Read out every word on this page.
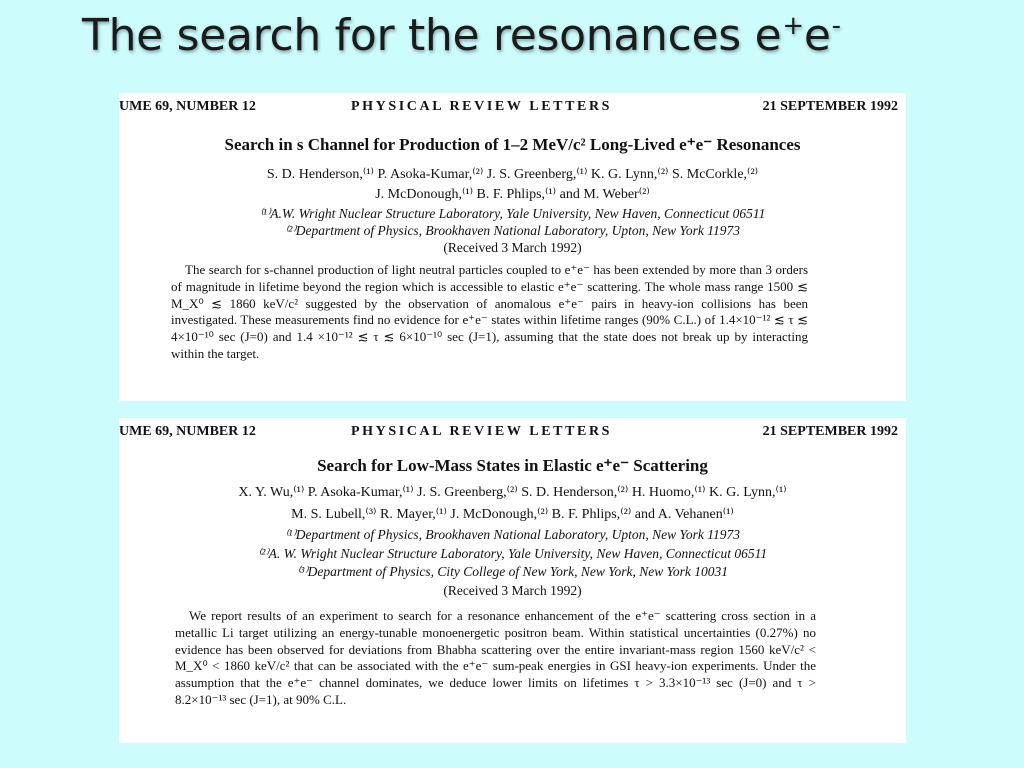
The search for the resonances e+e-
UME 69, NUMBER 12	PHYSICAL REVIEW LETTERS	21 SEPTEMBER 1992
Search in s Channel for Production of 1–2 MeV/c² Long-Lived e⁺e⁻ Resonances
S. D. Henderson,⁽¹⁾ P. Asoka-Kumar,⁽²⁾ J. S. Greenberg,⁽¹⁾ K. G. Lynn,⁽²⁾ S. McCorkle,⁽²⁾
J. McDonough,⁽¹⁾ B. F. Phlips,⁽¹⁾ and M. Weber⁽²⁾
⁽¹⁾A.W. Wright Nuclear Structure Laboratory, Yale University, New Haven, Connecticut 06511
⁽²⁾Department of Physics, Brookhaven National Laboratory, Upton, New York 11973
(Received 3 March 1992)
The search for s-channel production of light neutral particles coupled to e⁺e⁻ has been extended by more than 3 orders of magnitude in lifetime beyond the region which is accessible to elastic e⁺e⁻ scattering. The whole mass range 1500 ≲ M_X⁰ ≲ 1860 keV/c² suggested by the observation of anomalous e⁺e⁻ pairs in heavy-ion collisions has been investigated. These measurements find no evidence for e⁺e⁻ states within lifetime ranges (90% C.L.) of 1.4×10⁻¹² ≲ τ ≲ 4×10⁻¹⁰ sec (J=0) and 1.4 ×10⁻¹² ≲ τ ≲ 6×10⁻¹⁰ sec (J=1), assuming that the state does not break up by interacting within the target.
UME 69, NUMBER 12	PHYSICAL REVIEW LETTERS	21 SEPTEMBER 1992
Search for Low-Mass States in Elastic e⁺e⁻ Scattering
X. Y. Wu,⁽¹⁾ P. Asoka-Kumar,⁽¹⁾ J. S. Greenberg,⁽²⁾ S. D. Henderson,⁽²⁾ H. Huomo,⁽¹⁾ K. G. Lynn,⁽¹⁾
M. S. Lubell,⁽³⁾ R. Mayer,⁽¹⁾ J. McDonough,⁽²⁾ B. F. Phlips,⁽²⁾ and A. Vehanen⁽¹⁾
⁽¹⁾Department of Physics, Brookhaven National Laboratory, Upton, New York 11973
⁽²⁾A. W. Wright Nuclear Structure Laboratory, Yale University, New Haven, Connecticut 06511
⁽³⁾Department of Physics, City College of New York, New York, New York 10031
(Received 3 March 1992)
We report results of an experiment to search for a resonance enhancement of the e⁺e⁻ scattering cross section in a metallic Li target utilizing an energy-tunable monoenergetic positron beam. Within statistical uncertainties (0.27%) no evidence has been observed for deviations from Bhabha scattering over the entire invariant-mass region 1560 keV/c² < M_X⁰ < 1860 keV/c² that can be associated with the e⁺e⁻ sum-peak energies in GSI heavy-ion experiments. Under the assumption that the e⁺e⁻ channel dominates, we deduce lower limits on lifetimes τ > 3.3×10⁻¹³ sec (J=0) and τ > 8.2×10⁻¹³ sec (J=1), at 90% C.L.
